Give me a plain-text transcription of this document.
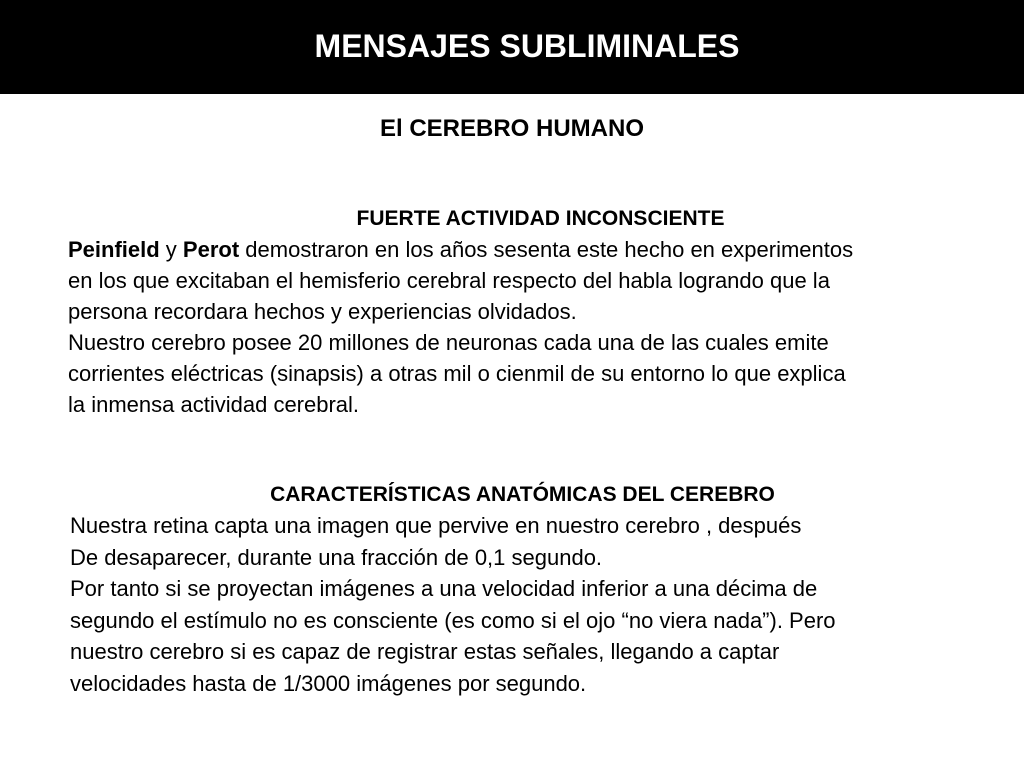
MENSAJES SUBLIMINALES
El CEREBRO HUMANO
FUERTE ACTIVIDAD INCONSCIENTE

Peinfield y Perot demostraron en los años sesenta este hecho en experimentos

en los que excitaban el hemisferio cerebral respecto del habla logrando que la

persona recordara hechos y experiencias olvidados.

Nuestro cerebro posee 20 millones de neuronas cada una de las cuales emite

corrientes eléctricas (sinapsis) a otras mil o cienmil de su entorno lo que explica

la inmensa actividad cerebral.

CARACTERÍSTICAS ANATÓMICAS DEL CEREBRO

Nuestra retina capta una imagen que pervive en nuestro cerebro , después

De desaparecer, durante una fracción de 0,1 segundo.

Por tanto si se proyectan imágenes a una velocidad inferior a una décima de

segundo el estímulo no es consciente (es como si el ojo “no viera nada”). Pero

nuestro cerebro si es capaz de registrar estas señales, llegando a captar

velocidades hasta de 1/3000 imágenes por segundo.
